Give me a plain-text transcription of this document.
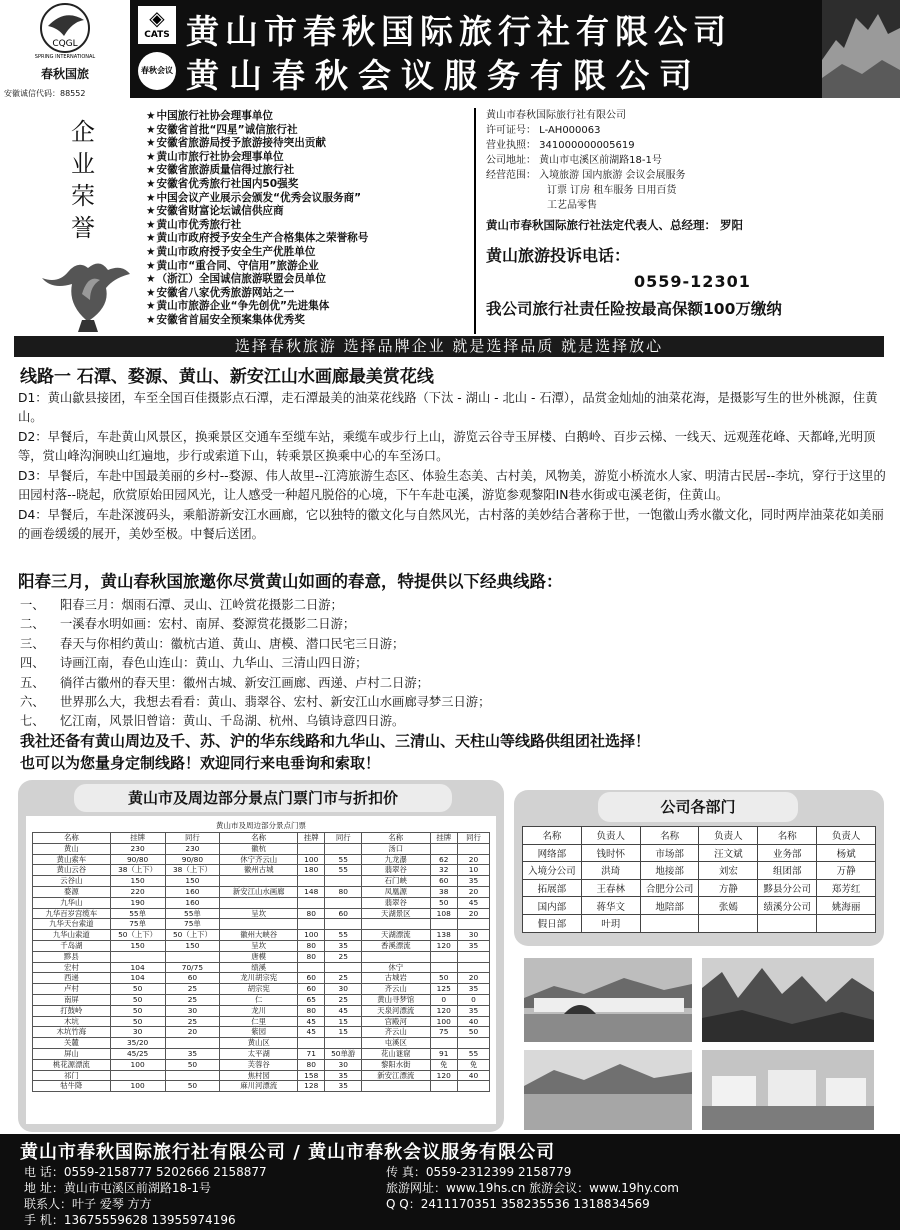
CQGL
SPRING INTERNATIONAL
春秋国旅
安徽诚信代码：88552
◈
CATS 黄山市春秋国际旅行社有限公司
春秋会议 黄山春秋会议服务有限公司
企业荣誉
★ 中国旅行社协会理事单位
★ 安徽省首批“四星”诚信旅行社
★ 安徽省旅游局授予旅游接待突出贡献
★ 黄山市旅行社协会理事单位
★ 安徽省旅游质量信得过旅行社
★ 安徽省优秀旅行社国内50强奖
★ 中国会议产业展示会颁发“优秀会议服务商”
★ 安徽省财富论坛诚信供应商
★ 黄山市优秀旅行社
★ 黄山市政府授予安全生产合格集体之荣誉称号
★ 黄山市政府授予安全生产优胜单位
★ 黄山市“重合同、守信用”旅游企业
★ （浙江）全国诚信旅游联盟会员单位
★ 安徽省八家优秀旅游网站之一
★ 黄山市旅游企业“争先创优”先进集体
★ 安徽省首届安全预案集体优秀奖
黄山市春秋国际旅行社有限公司
许可证号： L-AH000063
营业执照： 341000000005619
公司地址： 黄山市屯溪区前湖路18-1号
经营范围： 入境旅游 国内旅游 会议会展服务
订票 订房 租车服务 日用百货
工艺品零售
黄山市春秋国际旅行社法定代表人、总经理： 罗阳
黄山旅游投诉电话：
0559-12301
我公司旅行社责任险按最高保额100万缴纳
选择春秋旅游 选择品牌企业 就是选择品质 就是选择放心
线路一 石潭、婺源、黄山、新安江山水画廊最美赏花线
D1：黄山歙县接团，车至全国百佳摄影点石潭，走石潭最美的油菜花线路（下汰 - 湖山 - 北山 - 石潭），品赏金灿灿的油菜花海，是摄影写生的世外桃源，住黄山。
D2：早餐后，车赴黄山风景区，换乘景区交通车至缆车站，乘缆车或步行上山，游览云谷寺玉屏楼、白鹅岭、百步云梯、一线天、远观莲花峰、天都峰,光明顶等，赏山峰沟涧映山红遍地，步行或索道下山，转乘景区换乘中心的车至汤口。
D3：早餐后，车赴中国最美丽的乡村--婺源、伟人故里--江湾旅游生态区、体验生态美、古村美，风物美，游览小桥流水人家、明清古民居--李坑，穿行于这里的田园村落--晓起，欣赏原始田园风光，让人感受一种超凡脱俗的心境，下午车赴屯溪，游览参观黎阳IN巷水街或屯溪老街，住黄山。
D4：早餐后，车赴深渡码头，乘船游新安江水画廊，它以独特的徽文化与自然风光，古村落的美妙结合著称于世，一饱徽山秀水徽文化，同时两岸油菜花如美丽的画卷缓缓的展开，美妙至极。中餐后送团。
阳春三月，黄山春秋国旅邀你尽赏黄山如画的春意，特提供以下经典线路：
一、 阳春三月：烟雨石潭、灵山、江岭赏花摄影二日游；
二、 一溪春水明如画：宏村、南屏、婺源赏花摄影二日游；
三、 春天与你相约黄山：徽杭古道、黄山、唐模、潜口民宅三日游；
四、 诗画江南，春色山连山：黄山、九华山、三清山四日游；
五、 徜徉古徽州的春天里：徽州古城、新安江画廊、西递、卢村二日游；
六、 世界那么大，我想去看看：黄山、翡翠谷、宏村、新安江山水画廊寻梦三日游；
七、 忆江南，风景旧曾谙：黄山、千岛湖、杭州、乌镇诗意四日游。
我社还备有黄山周边及千、苏、沪的华东线路和九华山、三清山、天柱山等线路供组团社选择！
也可以为您量身定制线路！欢迎同行来电垂询和索取！
黄山市及周边部分景点门票门市与折扣价
黄山市及周边部分景点门票
名称	挂牌	同行	名称	挂牌	同行	名称	挂牌	同行
黄山	230	230	徽杭			汤口		
黄山索车	90/80	90/80	休宁齐云山	100	55	九龙瀑	62	20
黄山云谷	38（上下）	38（上下）	徽州古城	180	55	翡翠谷	32	10
云谷山	150	150				石门峡	60	35
婺源	220	160	新安江山水画廊	148	80	凤凰源	38	20
九华山	190	160				翡翠谷	50	45
九华百岁宫缆车	55单	55单	呈坎	80	60	天湖景区	108	20
九华天台索道	75单	75单						
九华山索道	50（上下）	50（上下）	徽州大峡谷	100	55	天湖漂流	138	30
千岛湖	150	150	呈坎	80	35	香溪漂流	120	35
黟县			唐模	80	25			
宏村	104	70/75	绩溪			休宁		
西递	104	60	龙川胡宗宪	60	25	古城岩	50	20
卢村	50	25	胡宗宪	60	30	齐云山	125	35
南屏	50	25	仁	65	25	黄山寻梦馆	0	0
打鼓岭	50	30	龙川	80	45	天泉河漂流	120	35
木坑	50	25	仁里	45	15	宫殿河	100	40
木坑竹海	30	20	紫园	45	15	齐云山	75	50
关麓	35/20		黄山区			屯溪区		
屏山	45/25	35	太平湖	71	50单游	花山谜窟	91	55
桃花源漂流	100	50	芙蓉谷	80	30	黎阳水街	免	免
祁门			焦村园	158	35	新安江漂流	120	40
牯牛降	100	50	麻川河漂流	128	35			
公司各部门
名称	负责人	名称	负责人	名称	负责人
网络部	钱时怀	市场部	汪文斌	业务部	杨斌
入境分公司	洪琦	地接部	刘宏	组团部	万静
拓展部	王春林	合肥分公司	方静	黟县分公司	郑芳红
国内部	蒋华文	地陪部	张嫣	绩溪分公司	姚海丽
假日部	叶玥				
黄山市春秋国际旅行社有限公司 / 黄山市春秋会议服务有限公司
电 话：0559-2158777 5202666 2158877
地 址：黄山市屯溪区前湖路18-1号
联系人：叶子 爱琴 方方
手 机：13675559628 13955974196
传 真：0559-2312399 2158779
旅游网址：www.19hs.cn 旅游会议：www.19hy.com
Q Q：2411170351 358235536 1318834569
